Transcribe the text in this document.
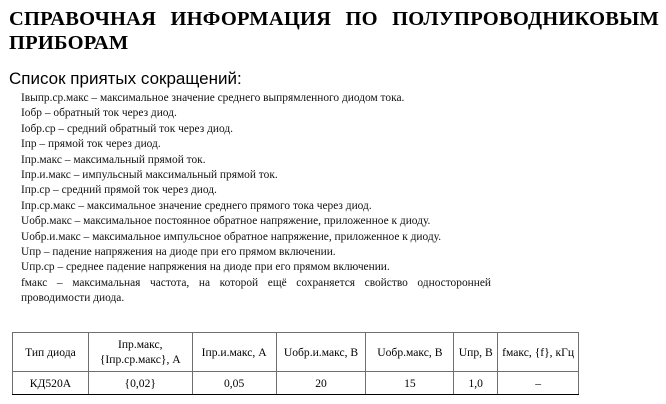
СПРАВОЧНАЯ ИНФОРМАЦИЯ ПО ПОЛУПРОВОДНИКОВЫМ ПРИБОРАМ
Список приятых сокращений:
Iвыпр.ср.макс – максимальное значение среднего выпрямленного диодом тока.
Iобр – обратный ток через диод.
Iобр.ср – средний обратный ток через диод.
Iпр – прямой ток через диод.
Iпр.макс – максимальный прямой ток.
Iпр.и.макс – импульсный максимальный прямой ток.
Iпр.ср – средний прямой ток через диод.
Iпр.ср.макс – максимальное значение среднего прямого тока через диод.
Uобр.макс – максимальное постоянное обратное напряжение, приложенное к диоду.
Uобр.и.макс – максимальное импульсное обратное напряжение, приложенное к диоду.
Uпр – падение напряжения на диоде при его прямом включении.
Uпр.ср – среднее падение напряжения на диоде при его прямом включении.
fмакс – максимальная частота, на которой ещё сохраняется свойство односторонней проводимости диода.
Тип диода	Iпр.макс,
{Iпр.ср.макс}, А	Iпр.и.макс, А	Uобр.и.макс, В	Uобр.макс, В	Uпр, В	fмакс, {f}, кГц
КД520А	{0,02}	0,05	20	15	1,0	–
